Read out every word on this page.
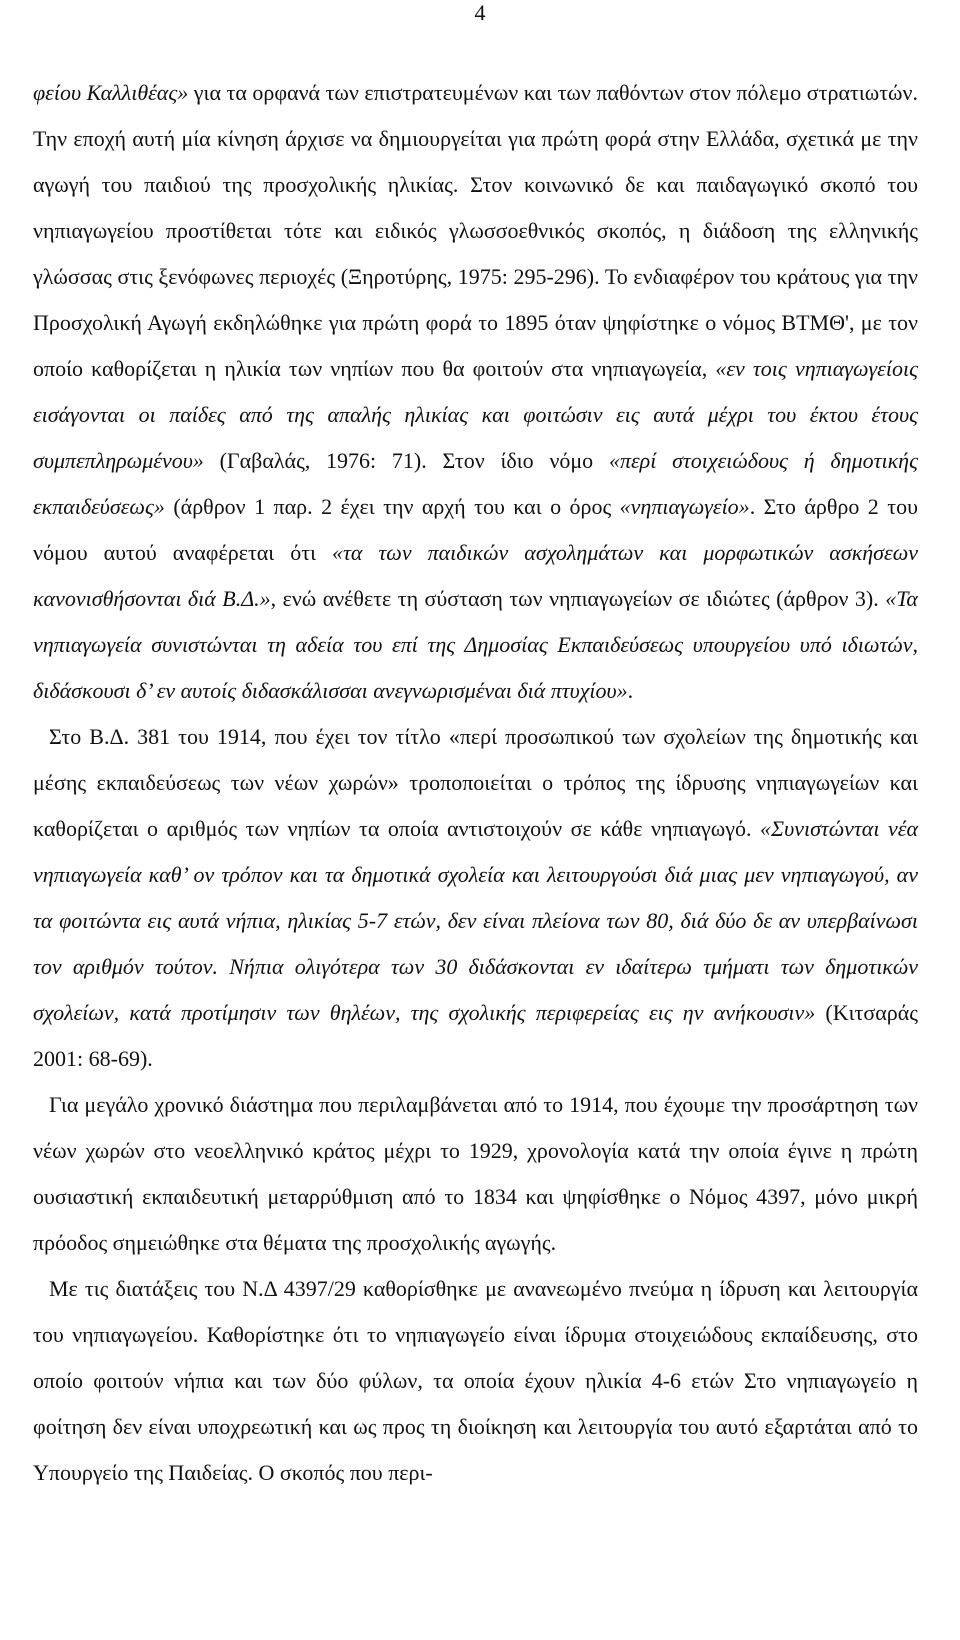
4

φείου Καλλιθέας» για τα ορφανά των επιστρατευμένων και των παθόντων στον πόλεμο στρατιωτών. Την εποχή αυτή μία κίνηση άρχισε να δημιουργείται για πρώτη φορά στην Ελλάδα, σχετικά με την αγωγή του παιδιού της προσχολικής ηλικίας. Στον κοινωνικό δε και παιδαγωγικό σκοπό του νηπιαγωγείου προστίθεται τότε και ειδικός γλωσσοεθνικός σκοπός, η διάδοση της ελληνικής γλώσσας στις ξενόφωνες περιοχές (Ξηροτύρης, 1975: 295-296). Το ενδιαφέρον του κράτους για την Προσχολική Αγωγή εκδηλώθηκε για πρώτη φορά το 1895 όταν ψηφίστηκε ο νόμος ΒΤΜΘ', με τον οποίο καθορίζεται η ηλικία των νηπίων που θα φοιτούν στα νηπιαγωγεία, «εν τοις νηπιαγωγείοις εισάγονται οι παίδες από της απαλής ηλικίας και φοιτώσιν εις αυτά μέχρι του έκτου έτους συμπεπληρωμένου» (Γαβαλάς, 1976: 71). Στον ίδιο νόμο «περί στοιχειώδους ή δημοτικής εκπαιδεύσεως» (άρθρον 1 παρ. 2 έχει την αρχή του και ο όρος «νηπιαγωγείο». Στο άρθρο 2 του νόμου αυτού αναφέρεται ότι «τα των παιδικών ασχολημάτων και μορφωτικών ασκήσεων κανονισθήσονται διά Β.Δ.», ενώ ανέθετε τη σύσταση των νηπιαγωγείων σε ιδιώτες (άρθρον 3). «Τα νηπιαγωγεία συνιστώνται τη αδεία του επί της Δημοσίας Εκπαιδεύσεως υπουργείου υπό ιδιωτών, διδάσκουσι δ’ εν αυτοίς διδασκάλισσαι ανεγνωρισμέναι διά πτυχίου».

Στο Β.Δ. 381 του 1914, που έχει τον τίτλο «περί προσωπικού των σχολείων της δημοτικής και μέσης εκπαιδεύσεως των νέων χωρών» τροποποιείται ο τρόπος της ίδρυσης νηπιαγωγείων και καθορίζεται ο αριθμός των νηπίων τα οποία αντιστοιχούν σε κάθε νηπιαγωγό. «Συνιστώνται νέα νηπιαγωγεία καθ’ ον τρόπον και τα δημοτικά σχολεία και λειτουργούσι διά μιας μεν νηπιαγωγού, αν τα φοιτώντα εις αυτά νήπια, ηλικίας 5-7 ετών, δεν είναι πλείονα των 80, διά δύο δε αν υπερβαίνωσι τον αριθμόν τούτον. Νήπια ολιγότερα των 30 διδάσκονται εν ιδαίτερω τμήματι των δημοτικών σχολείων, κατά προτίμησιν των θηλέων, της σχολικής περιφερείας εις ην ανήκουσιν» (Κιτσαράς 2001: 68-69).

Για μεγάλο χρονικό διάστημα που περιλαμβάνεται από το 1914, που έχουμε την προσάρτηση των νέων χωρών στο νεοελληνικό κράτος μέχρι το 1929, χρονολογία κατά την οποία έγινε η πρώτη ουσιαστική εκπαιδευτική μεταρρύθμιση από το 1834 και ψηφίσθηκε ο Νόμος 4397, μόνο μικρή πρόοδος σημειώθηκε στα θέματα της προσχολικής αγωγής.

Με τις διατάξεις του Ν.Δ 4397/29 καθορίσθηκε με ανανεωμένο πνεύμα η ίδρυση και λειτουργία του νηπιαγωγείου. Καθορίστηκε ότι το νηπιαγωγείο είναι ίδρυμα στοιχειώδους εκπαίδευσης, στο οποίο φοιτούν νήπια και των δύο φύλων, τα οποία έχουν ηλικία 4-6 ετών Στο νηπιαγωγείο η φοίτηση δεν είναι υποχρεωτική και ως προς τη διοίκηση και λειτουργία του αυτό εξαρτάται από το Υπουργείο της Παιδείας. Ο σκοπός που περι-
